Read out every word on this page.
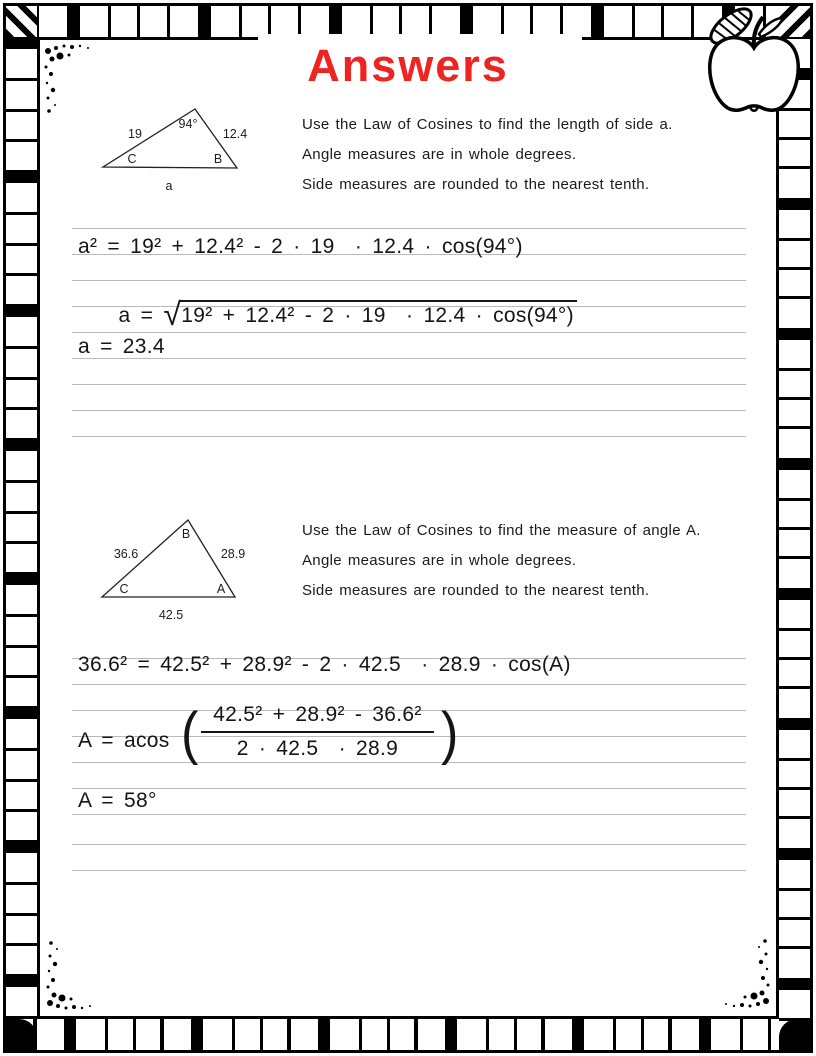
Answers
19
94°
12.4
C	B
a
Use the Law of Cosines to find the length of side a.
Angle measures are in whole degrees.
Side measures are rounded to the nearest tenth.
a² = 19² + 12.4² - 2 · 19  · 12.4 · cos(94°)

a = √19² + 12.4² - 2 · 19  · 12.4 · cos(94°)

a = 23.4
B
36.6	28.9
C	A
42.5
Use the Law of Cosines to find the measure of angle A.
Angle measures are in whole degrees.
Side measures are rounded to the nearest tenth.
36.6² = 42.5² + 28.9² - 2 · 42.5  · 28.9 · cos(A)
A = acos ( $\frac{\text{42.5² + 28.9² - 36.6²}}{2 \cdot 42.5 \cdot 28.9}$ )
A = 58°
